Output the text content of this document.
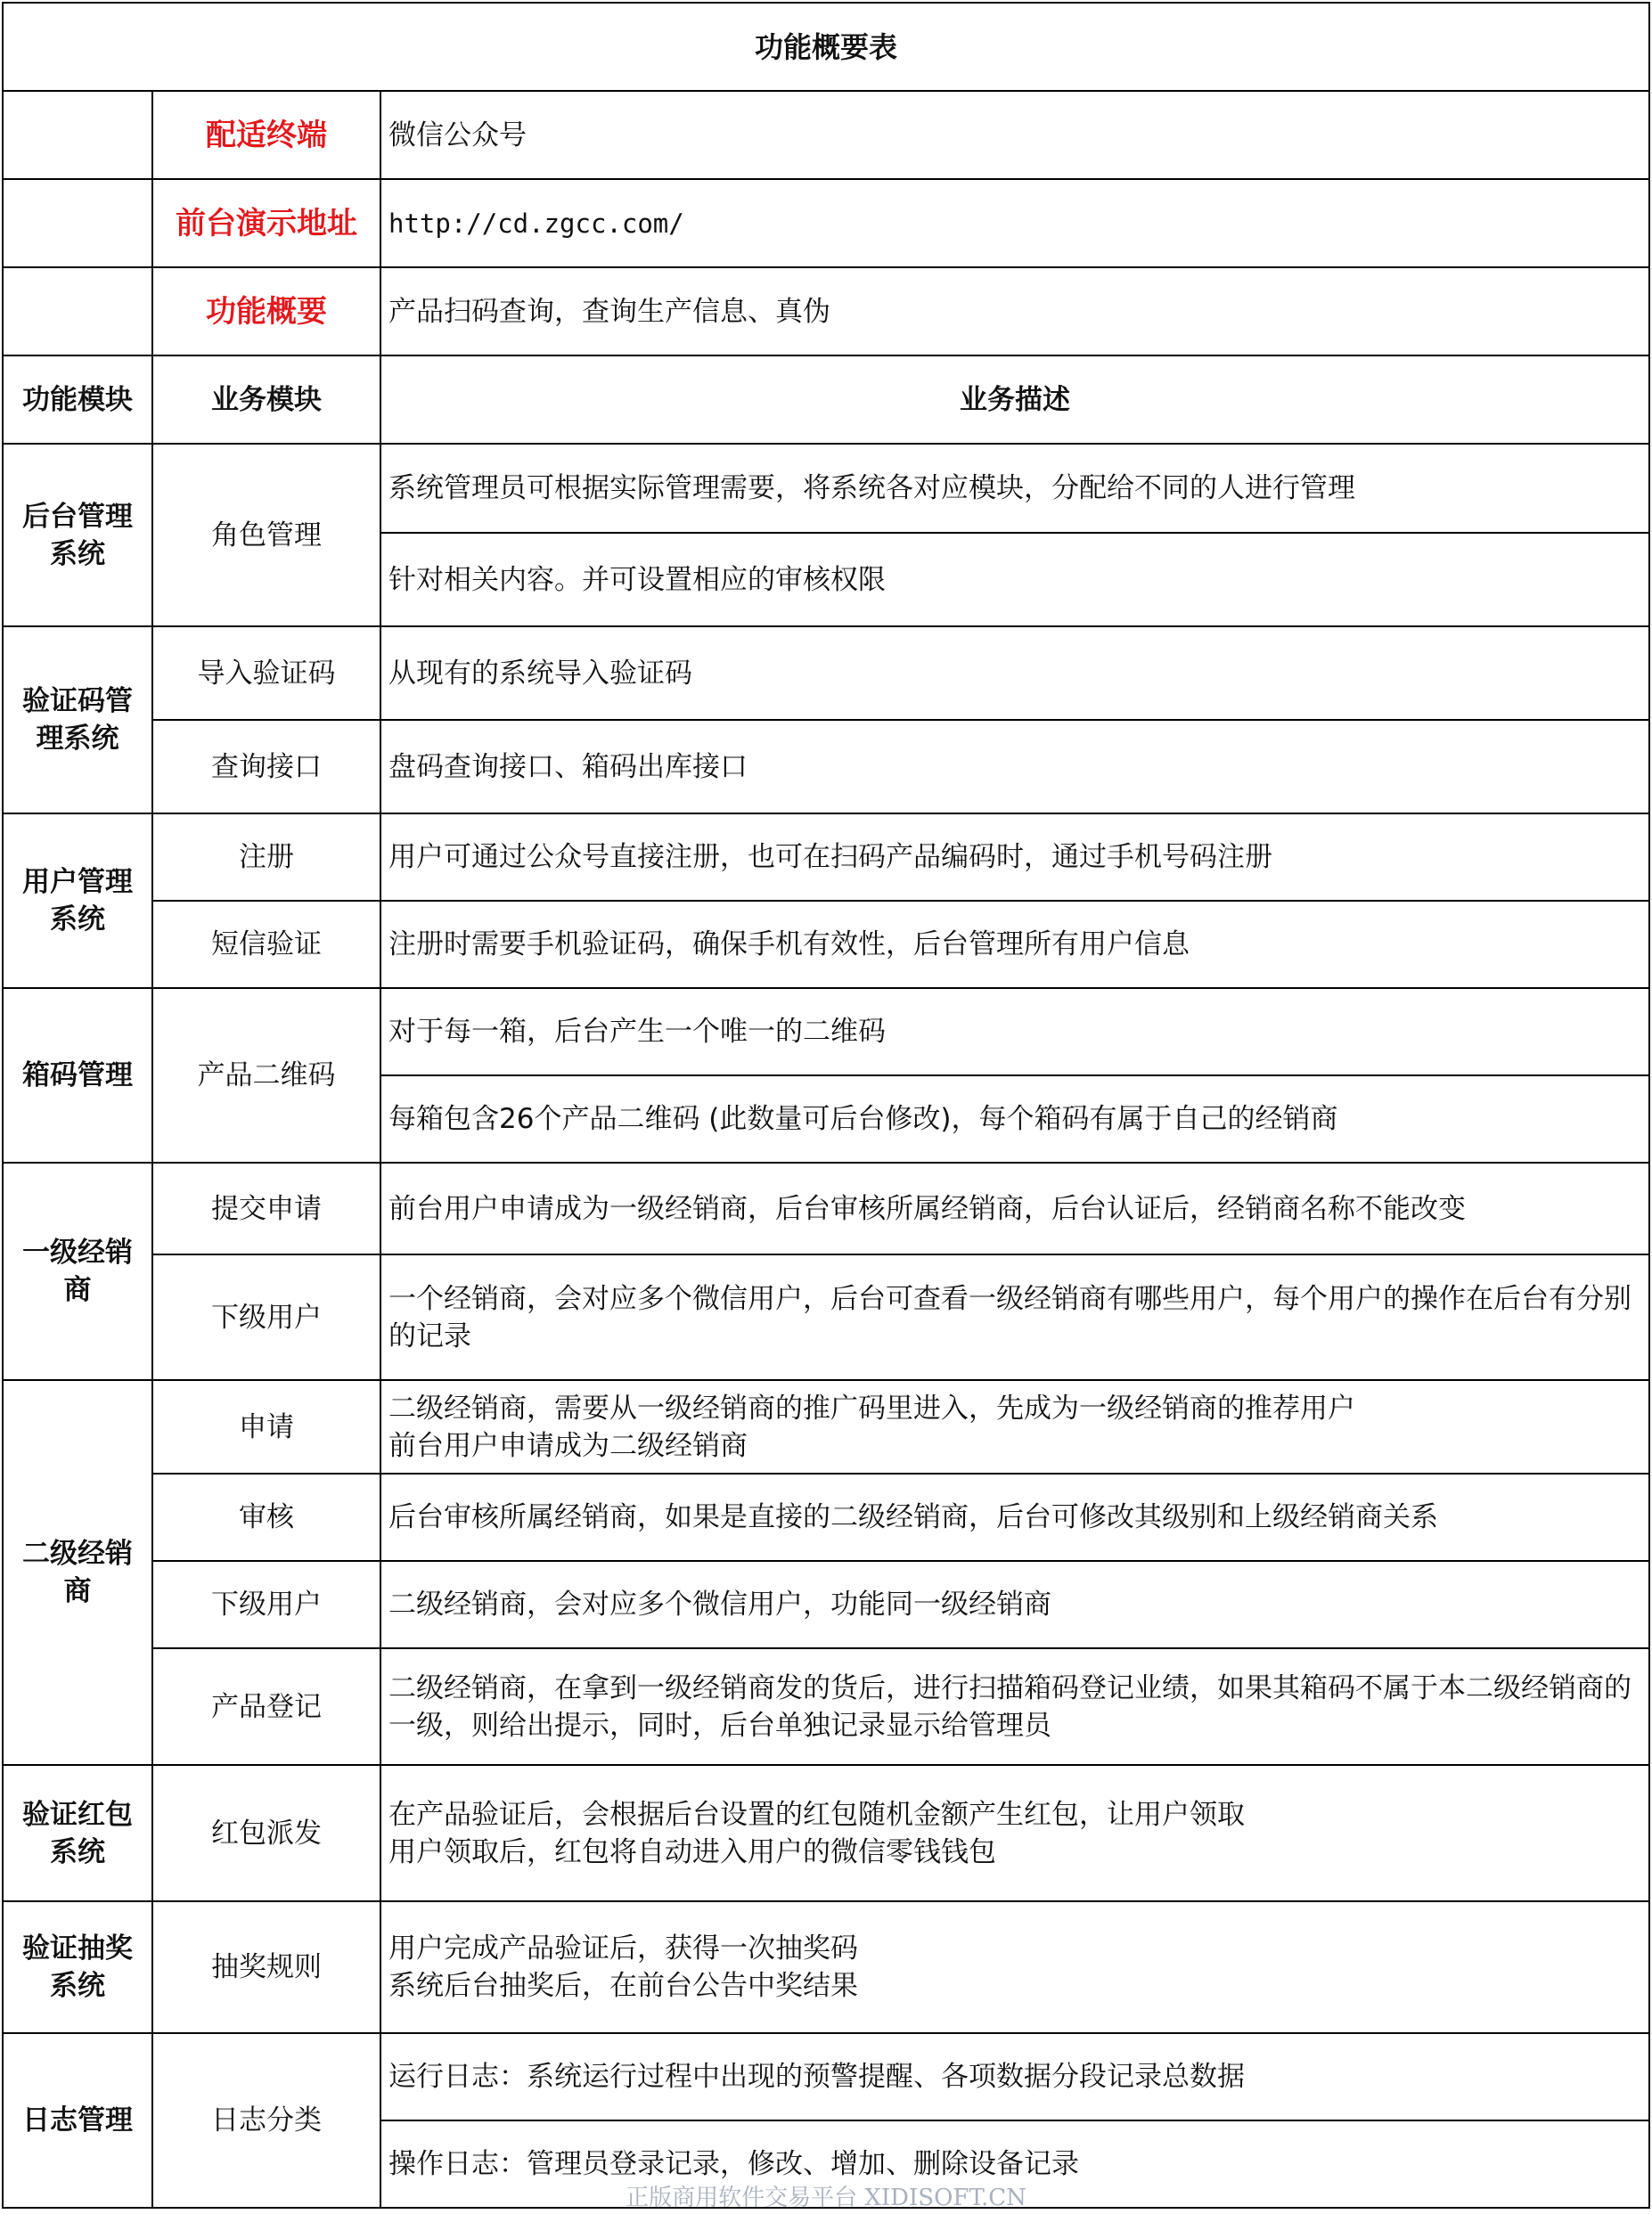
功能概要表		
	配适终端	微信公众号
	前台演示地址	http://cd.zgcc.com/
	功能概要	产品扫码查询，查询生产信息、真伪
功能模块	业务模块	业务描述
后台管理系统	角色管理	系统管理员可根据实际管理需要，将系统各对应模块，分配给不同的人进行管理
		针对相关内容。并可设置相应的审核权限
验证码管理系统	导入验证码	从现有的系统导入验证码
	查询接口	盘码查询接口、箱码出库接口
用户管理系统	注册	用户可通过公众号直接注册，也可在扫码产品编码时，通过手机号码注册
	短信验证	注册时需要手机验证码，确保手机有效性，后台管理所有用户信息
箱码管理	产品二维码	对于每一箱，后台产生一个唯一的二维码
		每箱包含26个产品二维码 (此数量可后台修改)，每个箱码有属于自己的经销商
一级经销商	提交申请	前台用户申请成为一级经销商，后台审核所属经销商，后台认证后，经销商名称不能改变
	下级用户	一个经销商，会对应多个微信用户，后台可查看一级经销商有哪些用户，每个用户的操作在后台有分别的记录
二级经销商	申请	二级经销商，需要从一级经销商的推广码里进入，先成为一级经销商的推荐用户
前台用户申请成为二级经销商

	审核	后台审核所属经销商，如果是直接的二级经销商，后台可修改其级别和上级经销商关系
	下级用户	二级经销商，会对应多个微信用户，功能同一级经销商
	产品登记	二级经销商，在拿到一级经销商发的货后，进行扫描箱码登记业绩，如果其箱码不属于本二级经销商的一级，则给出提示，同时，后台单独记录显示给管理员
验证红包系统	红包派发	在产品验证后，会根据后台设置的红包随机金额产生红包，让用户领取
用户领取后，红包将自动进入用户的微信零钱钱包

验证抽奖系统	抽奖规则	用户完成产品验证后，获得一次抽奖码
系统后台抽奖后，在前台公告中奖结果

日志管理	日志分类	运行日志：系统运行过程中出现的预警提醒、各项数据分段记录总数据
		操作日志：管理员登录记录，修改、增加、删除设备记录
正版商用软件交易平台 XIDISOFT.CN
